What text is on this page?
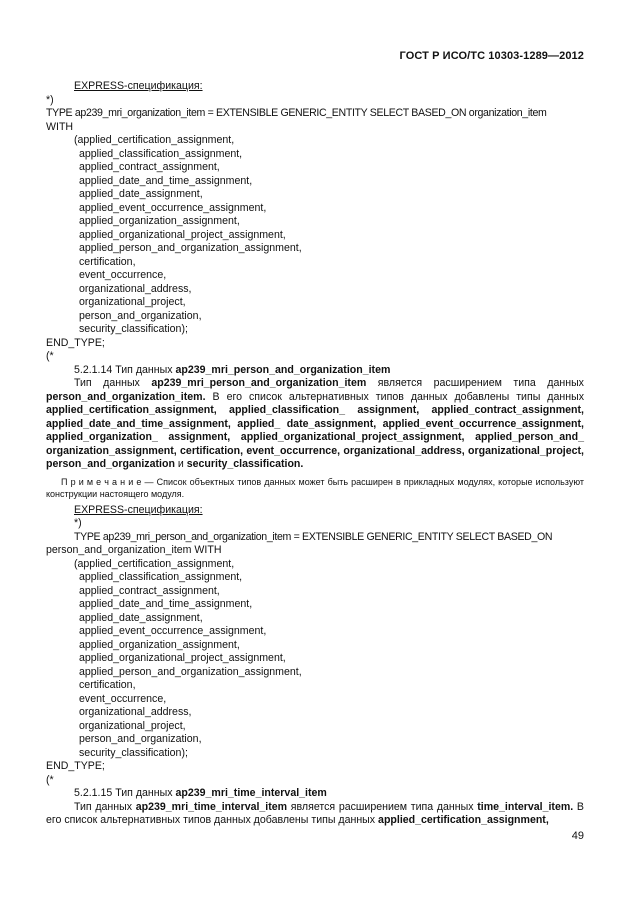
ГОСТ Р ИСО/ТС 10303-1289—2012
EXPRESS-спецификация:
*)
TYPE ap239_mri_organization_item = EXTENSIBLE GENERIC_ENTITY SELECT BASED_ON organization_item
WITH
(applied_certification_assignment,
applied_classification_assignment,
applied_contract_assignment,
applied_date_and_time_assignment,
applied_date_assignment,
applied_event_occurrence_assignment,
applied_organization_assignment,
applied_organizational_project_assignment,
applied_person_and_organization_assignment,
certification,
event_occurrence,
organizational_address,
organizational_project,
person_and_organization,
security_classification);
END_TYPE;
(*
5.2.1.14 Тип данных ap239_mri_person_and_organization_item
Тип данных ap239_mri_person_and_organization_item является расширением типа данных person_and_organization_item. В его список альтернативных типов данных добавлены типы данных applied_certification_assignment, applied_classification_ assignment, applied_contract_assignment, applied_date_and_time_assignment, applied_ date_assignment, applied_event_occurrence_assignment, applied_organization_ assignment, applied_organizational_project_assignment, applied_person_and_ organization_assignment, certification, event_occurrence, organizational_address, organizational_project, person_and_organization и security_classification.
П р и м е ч а н и е — Список объектных типов данных может быть расширен в прикладных модулях, которые используют конструкции настоящего модуля.
EXPRESS-спецификация:
*)
TYPE ap239_mri_person_and_organization_item = EXTENSIBLE GENERIC_ENTITY SELECT BASED_ON
person_and_organization_item WITH
(applied_certification_assignment,
applied_classification_assignment,
applied_contract_assignment,
applied_date_and_time_assignment,
applied_date_assignment,
applied_event_occurrence_assignment,
applied_organization_assignment,
applied_organizational_project_assignment,
applied_person_and_organization_assignment,
certification,
event_occurrence,
organizational_address,
organizational_project,
person_and_organization,
security_classification);
END_TYPE;
(*
5.2.1.15 Тип данных ap239_mri_time_interval_item
Тип данных ap239_mri_time_interval_item является расширением типа данных time_interval_item. В его список альтернативных типов данных добавлены типы данных applied_certification_assignment,
49
